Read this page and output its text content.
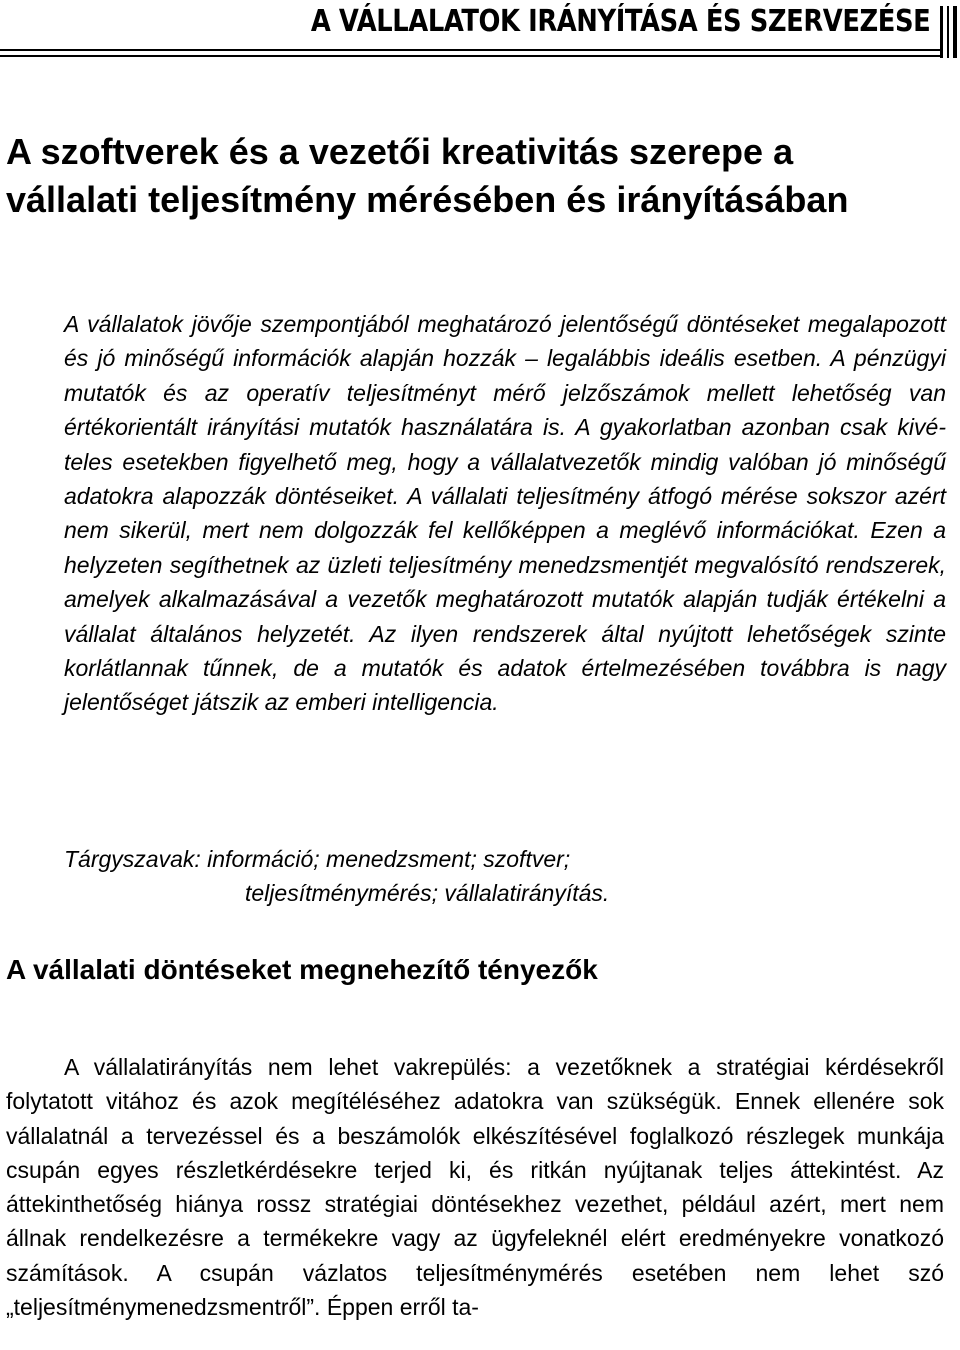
A VÁLLALATOK IRÁNYÍTÁSA ÉS SZERVEZÉSE
A szoftverek és a vezetői kreativitás szerepe a vállalati teljesítmény mérésében és irányításában

A vállalatok jövője szempontjából meghatározó jelentőségű döntéseket megalapozott és jó minőségű információk alapján hozzák – legalábbis ideális esetben. A pénzügyi mutatók és az operatív teljesítményt mérő jelzőszámok mellett lehetőség van értékorientált irányítási mutatók használatára is. A gyakorlatban azonban csak kivételes esetekben figyelhető meg, hogy a vállalatvezetők mindig valóban jó minőségű adatokra alapozzák döntéseiket. A vállalati teljesítmény átfogó mérése sokszor azért nem sikerül, mert nem dolgozzák fel kellőképpen a meglévő információkat. Ezen a helyzeten segíthetnek az üzleti teljesítmény menedzsmentjét megvalósító rendszerek, amelyek alkalmazásával a vezetők meghatározott mutatók alapján tudják értékelni a vállalat általános helyzetét. Az ilyen rendszerek által nyújtott lehetőségek szinte korlátlannak tűnnek, de a mutatók és adatok értelmezésében továbbra is nagy jelentőséget játszik az emberi intelligencia.

Tárgyszavak: információ; menedzsment; szoftver;
teljesítménymérés; vállalatirányítás.
A vállalati döntéseket megnehezítő tényezők

A vállalatirányítás nem lehet vakrepülés: a vezetőknek a stratégiai kérdésekről folytatott vitához és azok megítéléséhez adatokra van szükségük. Ennek ellenére sok vállalatnál a tervezéssel és a beszámolók elkészítésével foglalkozó részlegek munkája csupán egyes részletkérdésekre terjed ki, és ritkán nyújtanak teljes áttekintést. Az áttekinthetőség hiánya rossz stratégiai döntésekhez vezethet, például azért, mert nem állnak rendelkezésre a termékekre vagy az ügyfeleknél elért eredményekre vonatkozó számítások. A csupán vázlatos teljesítménymérés esetében nem lehet szó „teljesítménymenedzsmentről”. Éppen erről ta-
